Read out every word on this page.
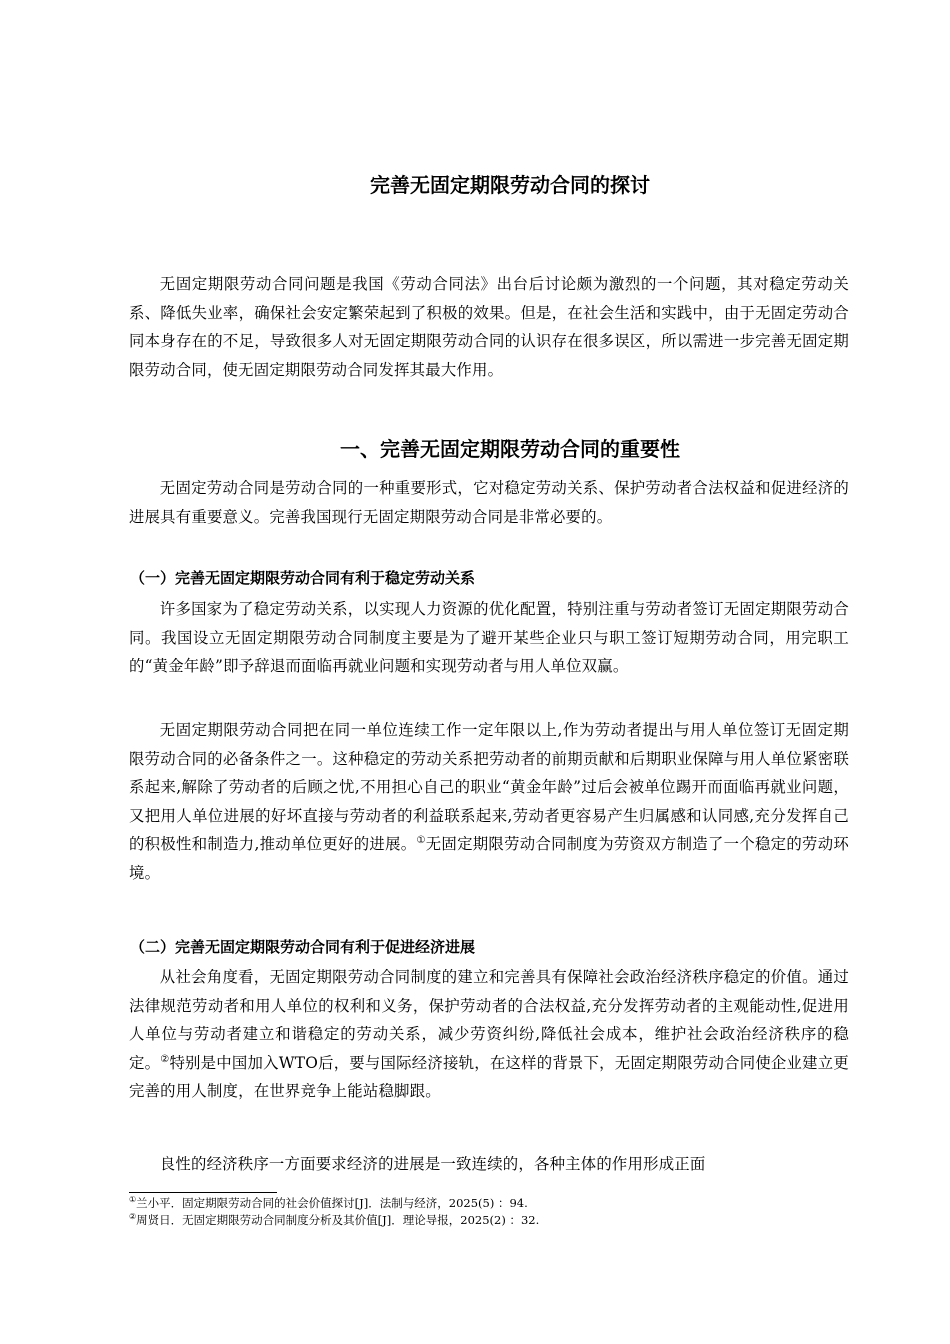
完善无固定期限劳动合同的探讨

无固定期限劳动合同问题是我国《劳动合同法》出台后讨论颇为激烈的一个问题，其对稳定劳动关系、降低失业率，确保社会安定繁荣起到了积极的效果。但是，在社会生活和实践中，由于无固定劳动合同本身存在的不足，导致很多人对无固定期限劳动合同的认识存在很多误区，所以需进一步完善无固定期限劳动合同，使无固定期限劳动合同发挥其最大作用。

一、完善无固定期限劳动合同的重要性

无固定劳动合同是劳动合同的一种重要形式，它对稳定劳动关系、保护劳动者合法权益和促进经济的进展具有重要意义。完善我国现行无固定期限劳动合同是非常必要的。

（一）完善无固定期限劳动合同有利于稳定劳动关系

许多国家为了稳定劳动关系，以实现人力资源的优化配置，特别注重与劳动者签订无固定期限劳动合同。我国设立无固定期限劳动合同制度主要是为了避开某些企业只与职工签订短期劳动合同，用完职工的“黄金年龄”即予辞退而面临再就业问题和实现劳动者与用人单位双赢。

无固定期限劳动合同把在同一单位连续工作一定年限以上,作为劳动者提出与用人单位签订无固定期限劳动合同的必备条件之一。这种稳定的劳动关系把劳动者的前期贡献和后期职业保障与用人单位紧密联系起来,解除了劳动者的后顾之忧,不用担心自己的职业“黄金年龄”过后会被单位踢开而面临再就业问题，又把用人单位进展的好坏直接与劳动者的利益联系起来,劳动者更容易产生归属感和认同感,充分发挥自己的积极性和制造力,推动单位更好的进展。①无固定期限劳动合同制度为劳资双方制造了一个稳定的劳动环境。

（二）完善无固定期限劳动合同有利于促进经济进展

从社会角度看，无固定期限劳动合同制度的建立和完善具有保障社会政治经济秩序稳定的价值。通过法律规范劳动者和用人单位的权利和义务，保护劳动者的合法权益,充分发挥劳动者的主观能动性,促进用人单位与劳动者建立和谐稳定的劳动关系，减少劳资纠纷,降低社会成本，维护社会政治经济秩序的稳定。②特别是中国加入WTO后，要与国际经济接轨，在这样的背景下，无固定期限劳动合同使企业建立更完善的用人制度，在世界竞争上能站稳脚跟。

良性的经济秩序一方面要求经济的进展是一致连续的，各种主体的作用形成正面

①兰小平．固定期限劳动合同的社会价值探讨[J]．法制与经济，2025(5) ：94.

②周贤日．无固定期限劳动合同制度分析及其价值[J]．理论导报，2025(2) ：32.
